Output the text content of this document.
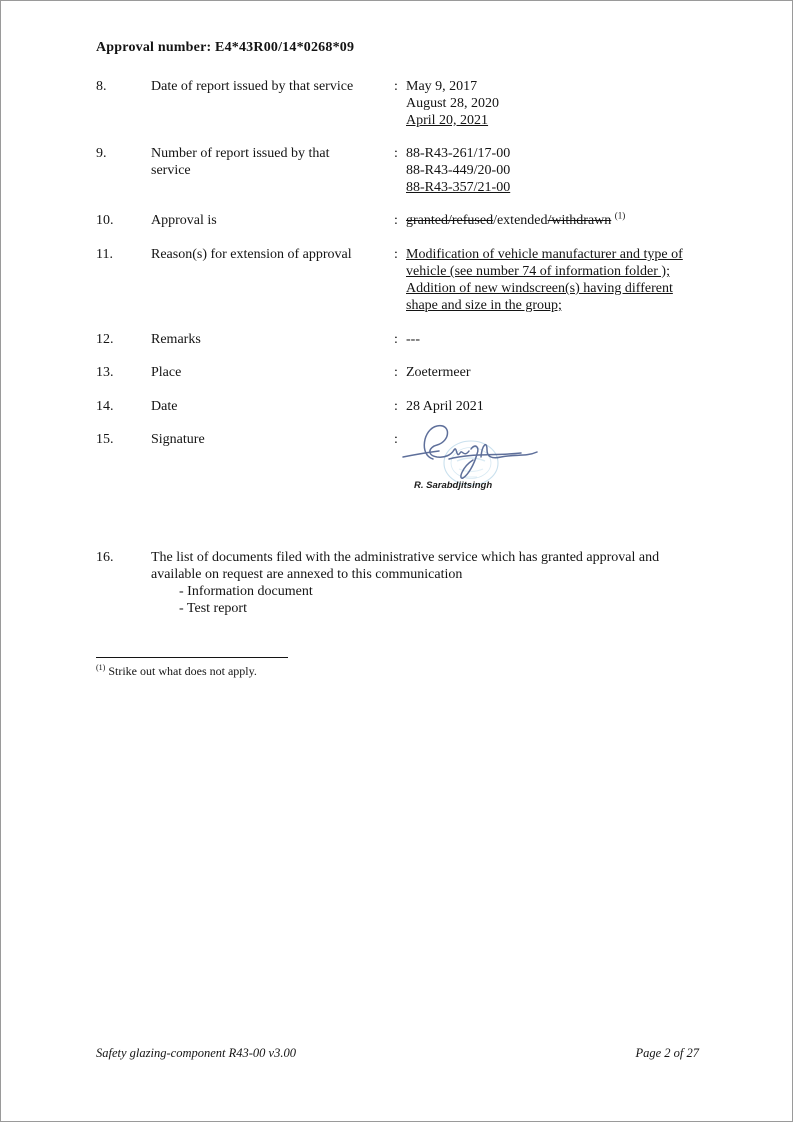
Approval number: E4*43R00/14*0268*09
8.	Date of report issued by that service	: May 9, 2017
August 28, 2020
April 20, 2021
9.	Number of report issued by that
service
: 88-R43-261/17-00
88-R43-449/20-00
88-R43-357/21-00
10.	Approval is	: granted/refused/extended/withdrawn $^{(1)}$
11.	Reason(s) for extension of approval	: Modification of vehicle manufacturer and type of
vehicle (see number 74 of information folder );
Addition of new windscreen(s) having different
shape and size in the group;
12.	Remarks	: ---
13.	Place	: Zoetermeer
14.	Date	: 28 April 2021
15.	Signature	:
R. Sarabdjitsingh
16.	The list of documents filed with the administrative service which has granted approval and
available on request are annexed to this communication
- Information document
- Test report
$^{(1)}$ Strike out what does not apply.
Safety glazing-component R43-00 v3.00	Page 2 of 27
